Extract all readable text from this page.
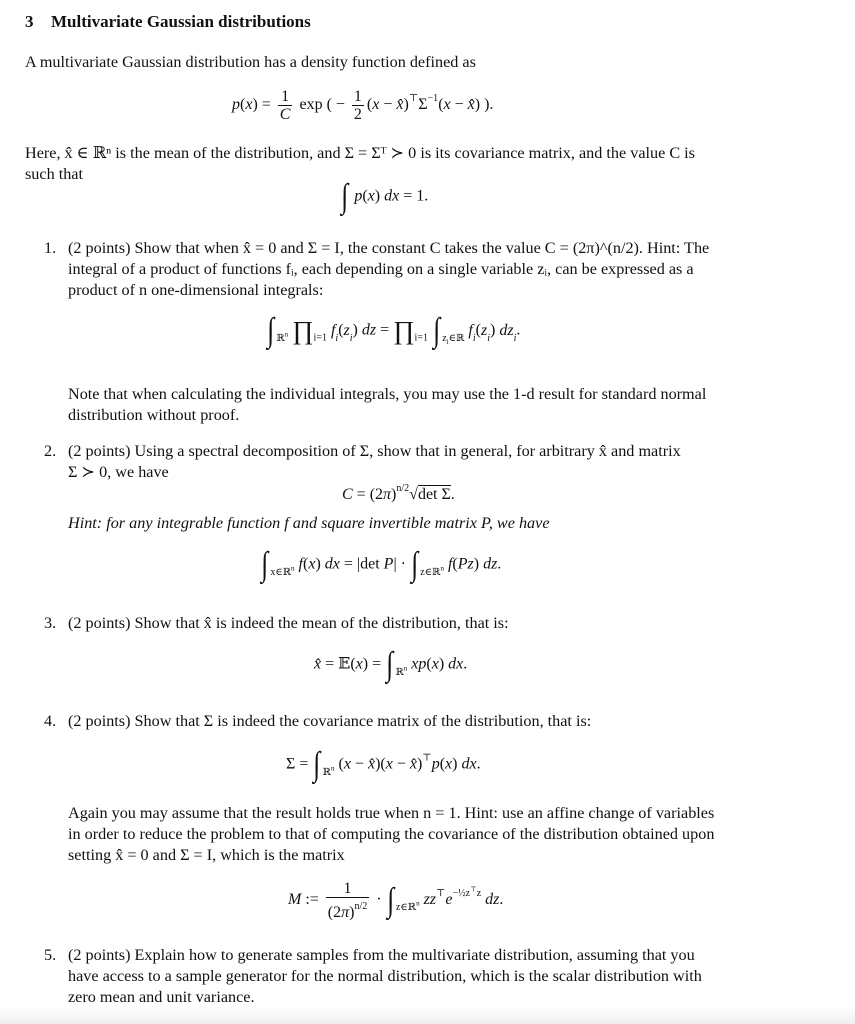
3 Multivariate Gaussian distributions
A multivariate Gaussian distribution has a density function defined as
$p(x) = \frac{1}{C}$ exp ( − $\frac{1}{2} (x$ − $x̂)^⊤\Sigma^{-1}(x$ − x̂) ).
Here, x̂ ∈ ℝⁿ is the mean of the distribution, and Σ = Σᵀ ≻ 0 is its covariance matrix, and the value C is
such that
∫ p(x) dx = 1.
1. (2 points) Show that when x̂ = 0 and Σ = I, the constant C takes the value C = (2π)^(n/2). Hint: The
integral of a product of functions fᵢ, each depending on a single variable zᵢ, can be expressed as a
product of n one-dimensional integrals:
∫ $_{ℝ^n}$ $\prod_{i=1}$ $f_i(z_i)$ dz = $\prod_{i=1}$ ∫ $_{z_i\in ℝ}$ $f_i(z_i)$ $dz_i$.
Note that when calculating the individual integrals, you may use the 1-d result for standard normal
distribution without proof.
2. (2 points) Using a spectral decomposition of Σ, show that in general, for arbitrary x̂ and matrix
Σ ≻ 0, we have
$C = (2\pi)^{n/2}√\det$ Σ.
Hint: for any integrable function f and square invertible matrix P, we have
∫ $_{x\in ℝ^n}$ f(x) dx = |det P| · ∫ $_{z\in ℝ^n}$ f(Pz) dz.
3. (2 points) Show that x̂ is indeed the mean of the distribution, that is:
x̂ = 𝔼(x) = ∫ $_{ℝ^n}$ xp(x) dx.
4. (2 points) Show that Σ is indeed the covariance matrix of the distribution, that is:
Σ = ∫ $_{ℝ^n}$ (x − x̂)(x − x̂)⊤p(x) dx.
Again you may assume that the result holds true when n = 1. Hint: use an affine change of variables
in order to reduce the problem to that of computing the covariance of the distribution obtained upon
setting x̂ = 0 and Σ = I, which is the matrix
M := $\frac{1}{(2\pi)^{n/2}}$ · ∫ $_{z\in ℝ^n}$ $zz^⊤e^{-\frac{1}{2}z^⊤z}$ dz.
5. (2 points) Explain how to generate samples from the multivariate distribution, assuming that you
have access to a sample generator for the normal distribution, which is the scalar distribution with
zero mean and unit variance.
